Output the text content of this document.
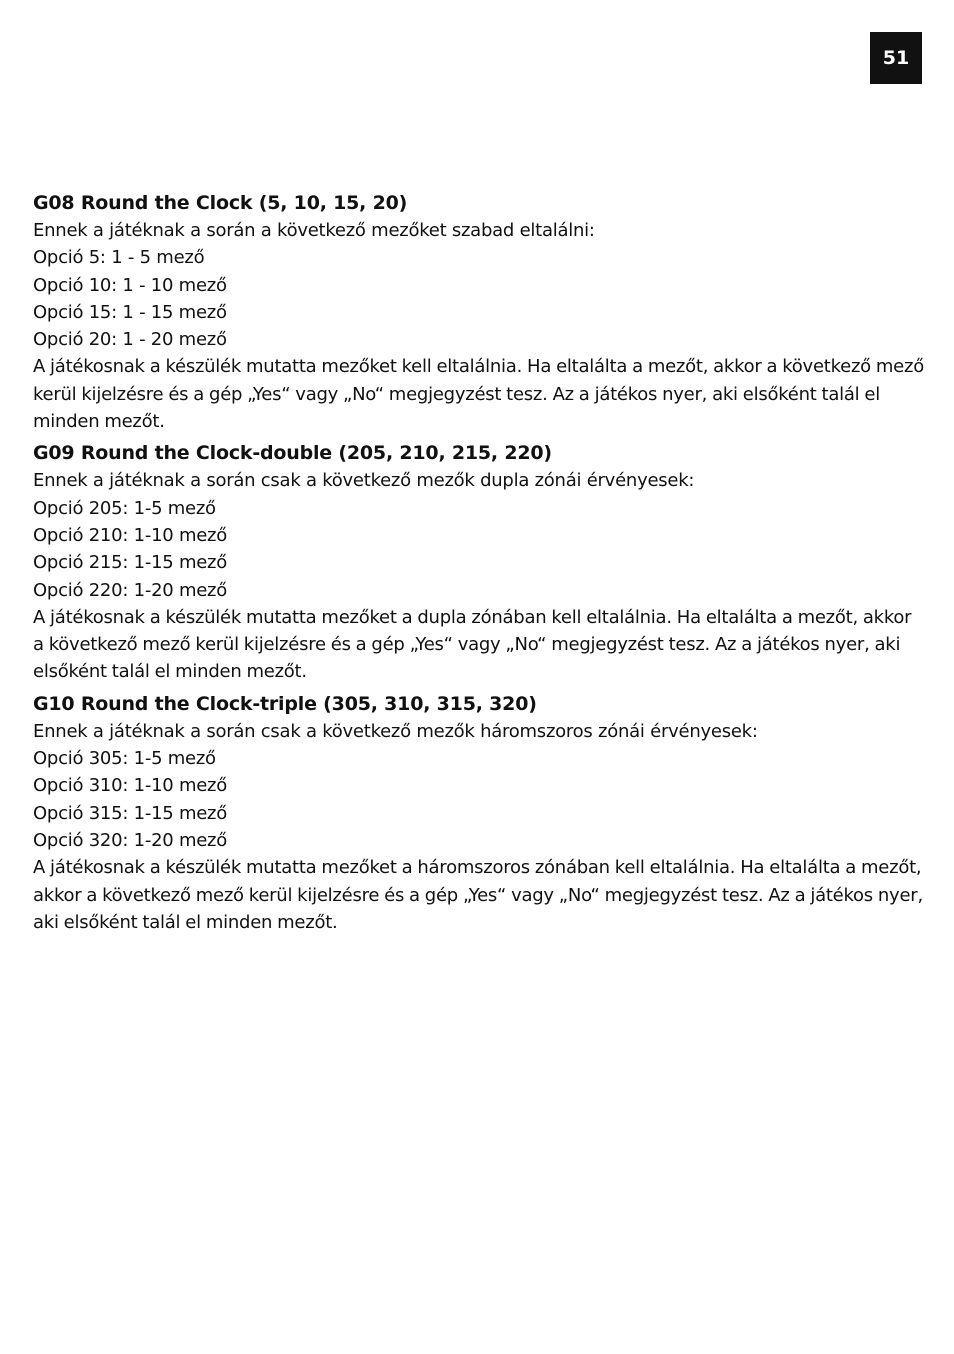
51

G08 Round the Clock (5, 10, 15, 20)

Ennek a játéknak a során a következő mezőket szabad eltalálni:

Opció 5: 1 - 5 mező

Opció 10: 1 - 10 mező

Opció 15: 1 - 15 mező

Opció 20: 1 - 20 mező

A játékosnak a készülék mutatta mezőket kell eltalálnia. Ha eltalálta a mezőt, akkor a következő mező kerül kijelzésre és a gép „Yes“ vagy „No“ megjegyzést tesz. Az a játékos nyer, aki elsőként talál el minden mezőt.

G09 Round the Clock-double (205, 210, 215, 220)

Ennek a játéknak a során csak a következő mezők dupla zónái érvényesek:

Opció 205: 1-5 mező

Opció 210: 1-10 mező

Opció 215: 1-15 mező

Opció 220: 1-20 mező

A játékosnak a készülék mutatta mezőket a dupla zónában kell eltalálnia. Ha eltalálta a mezőt, akkor a következő mező kerül kijelzésre és a gép „Yes“ vagy „No“ megjegyzést tesz. Az a játékos nyer, aki elsőként talál el minden mezőt.

G10 Round the Clock-triple (305, 310, 315, 320)

Ennek a játéknak a során csak a következő mezők háromszoros zónái érvényesek:

Opció 305: 1-5 mező

Opció 310: 1-10 mező

Opció 315: 1-15 mező

Opció 320: 1-20 mező

A játékosnak a készülék mutatta mezőket a háromszoros zónában kell eltalálnia. Ha eltalálta a mezőt, akkor a következő mező kerül kijelzésre és a gép „Yes“ vagy „No“ megjegyzést tesz. Az a játékos nyer, aki elsőként talál el minden mezőt.
